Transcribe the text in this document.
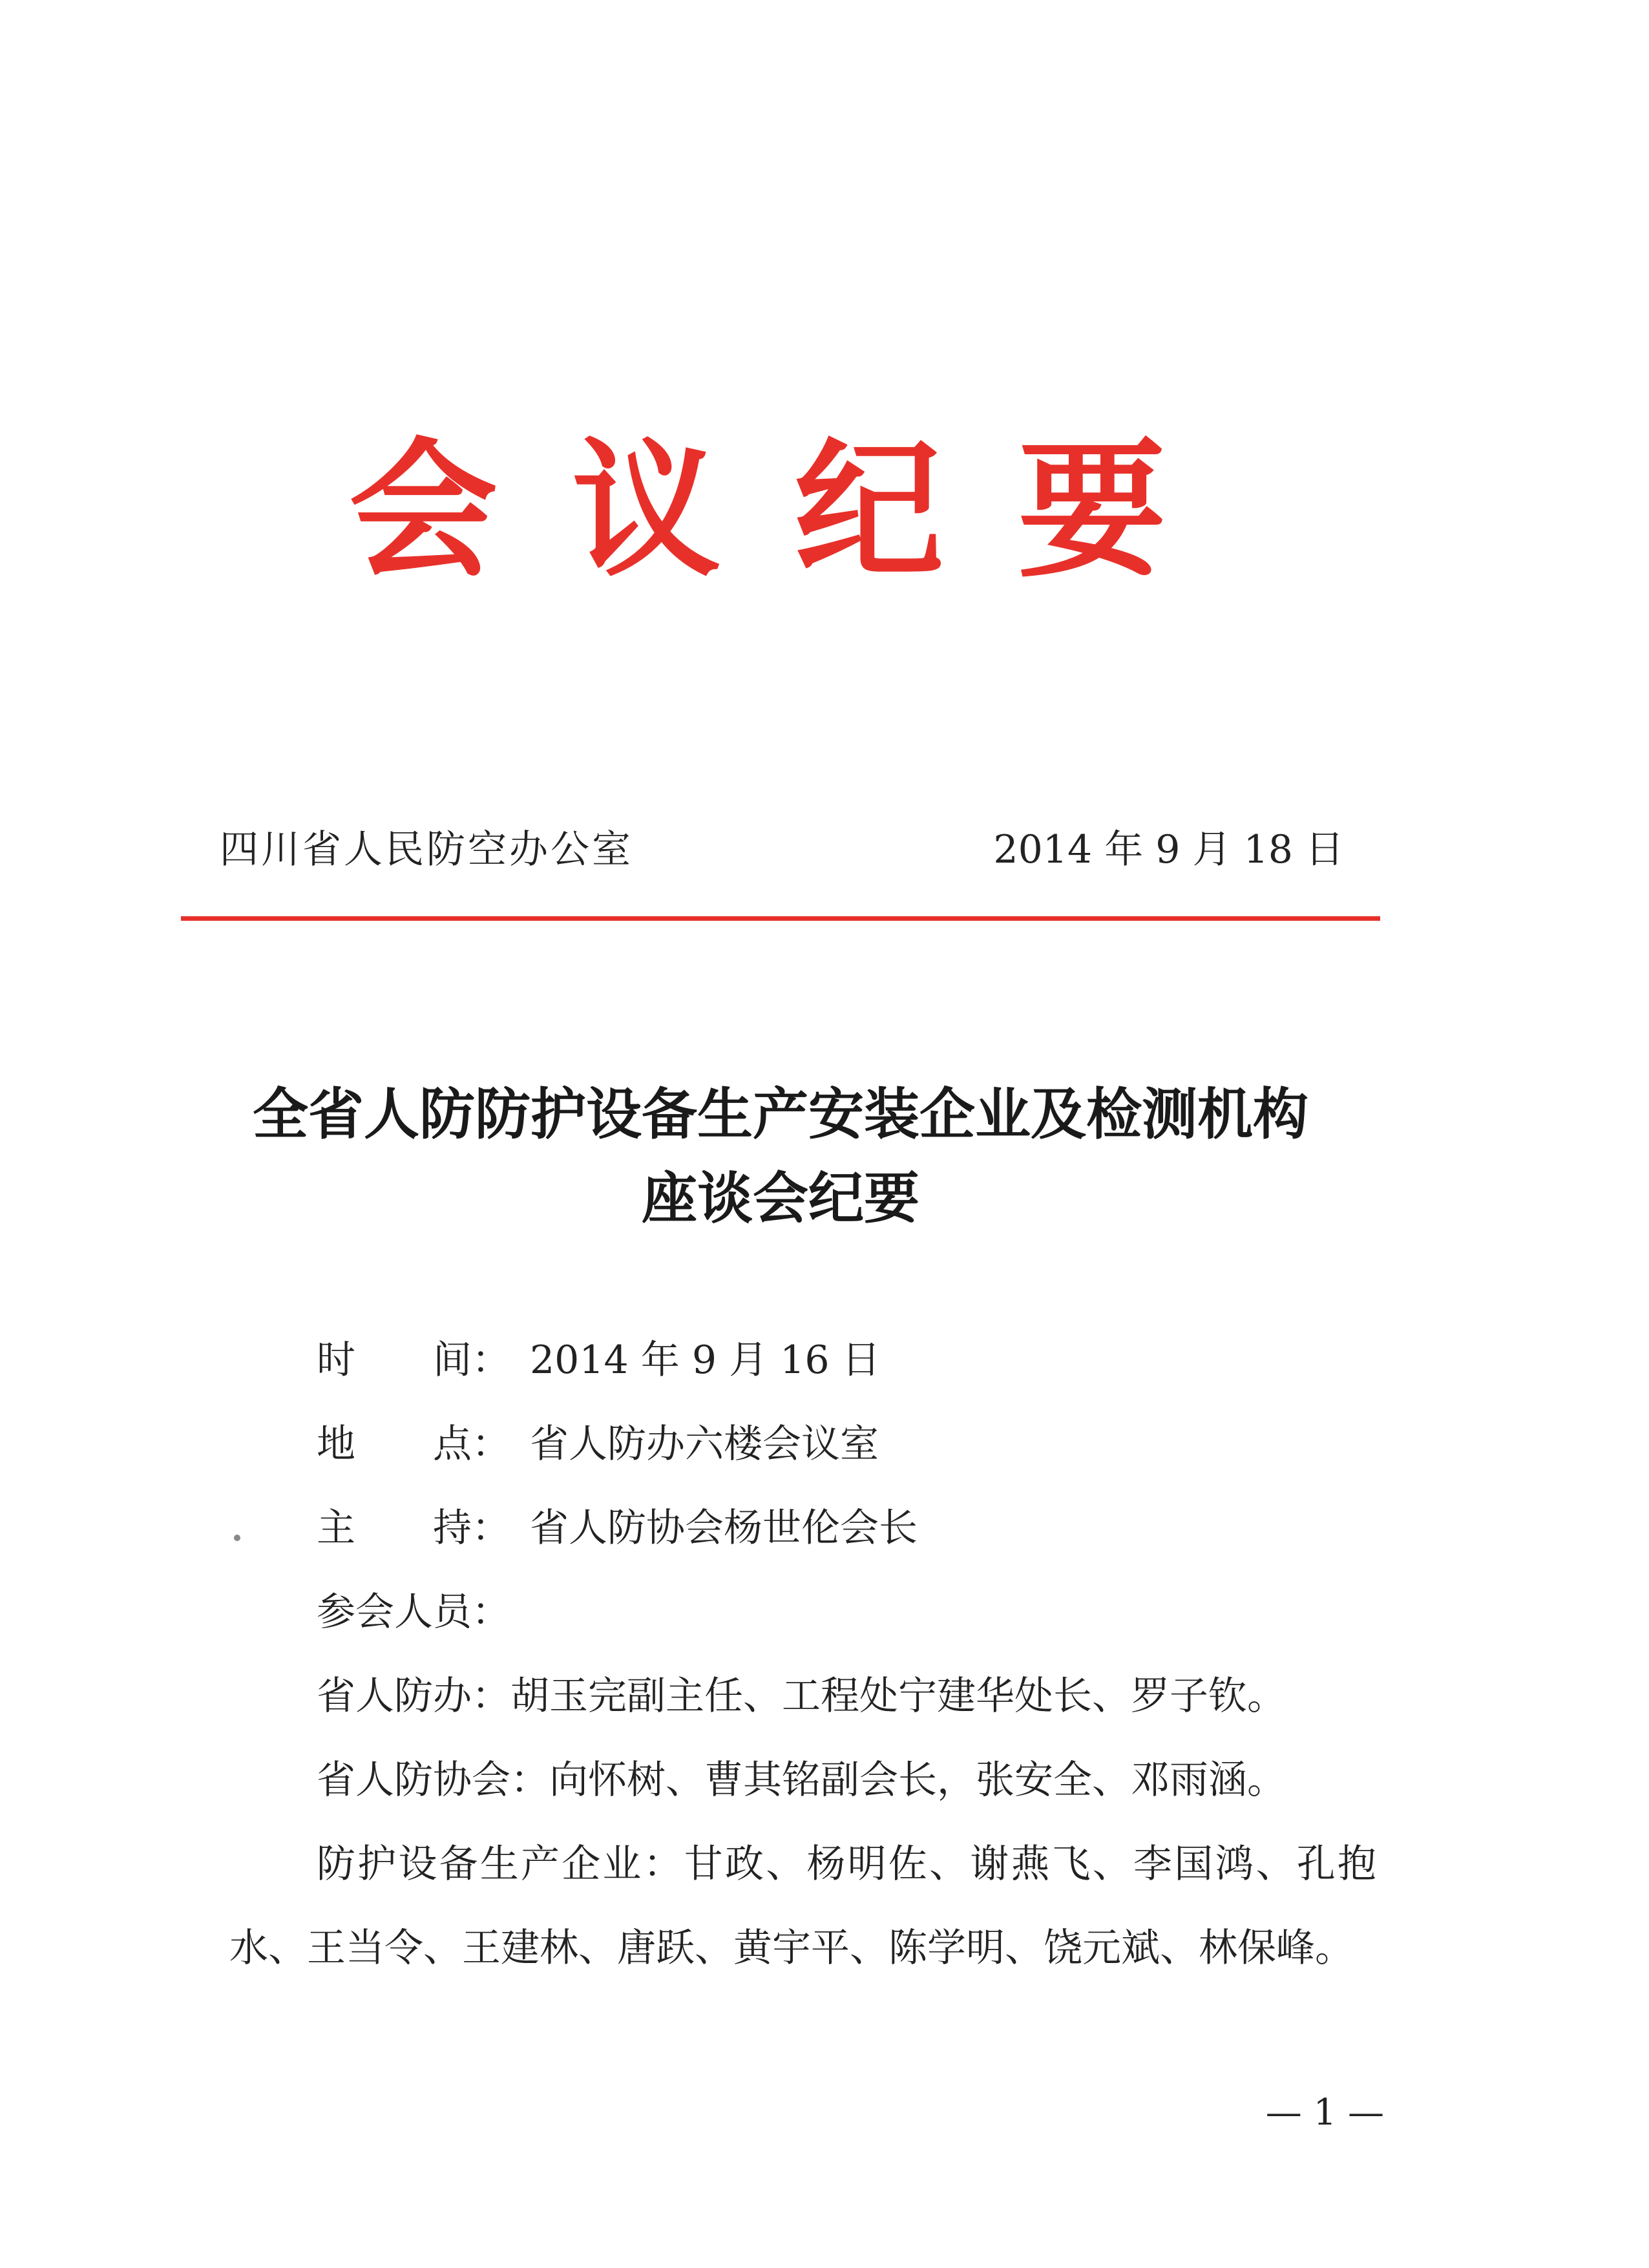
会议纪要
四川省人民防空办公室	2014 年 9 月 18 日
全省人防防护设备生产安装企业及检测机构
座谈会纪要
时　　间： 2014 年 9 月 16 日
地　　点： 省人防办六楼会议室
主　　持： 省人防协会杨世伦会长
参会人员：
省人防办：胡玉完副主任、工程处宁建华处长、罗子钦。
省人防协会：向怀树、曹其铭副会长，张安全、邓雨涵。
防护设备生产企业：甘政、杨明佐、谢燕飞、李国鸿、孔抱水、王当令、王建林、唐跃、黄宇平、陈学明、饶元斌、林保峰。
— 1 —
